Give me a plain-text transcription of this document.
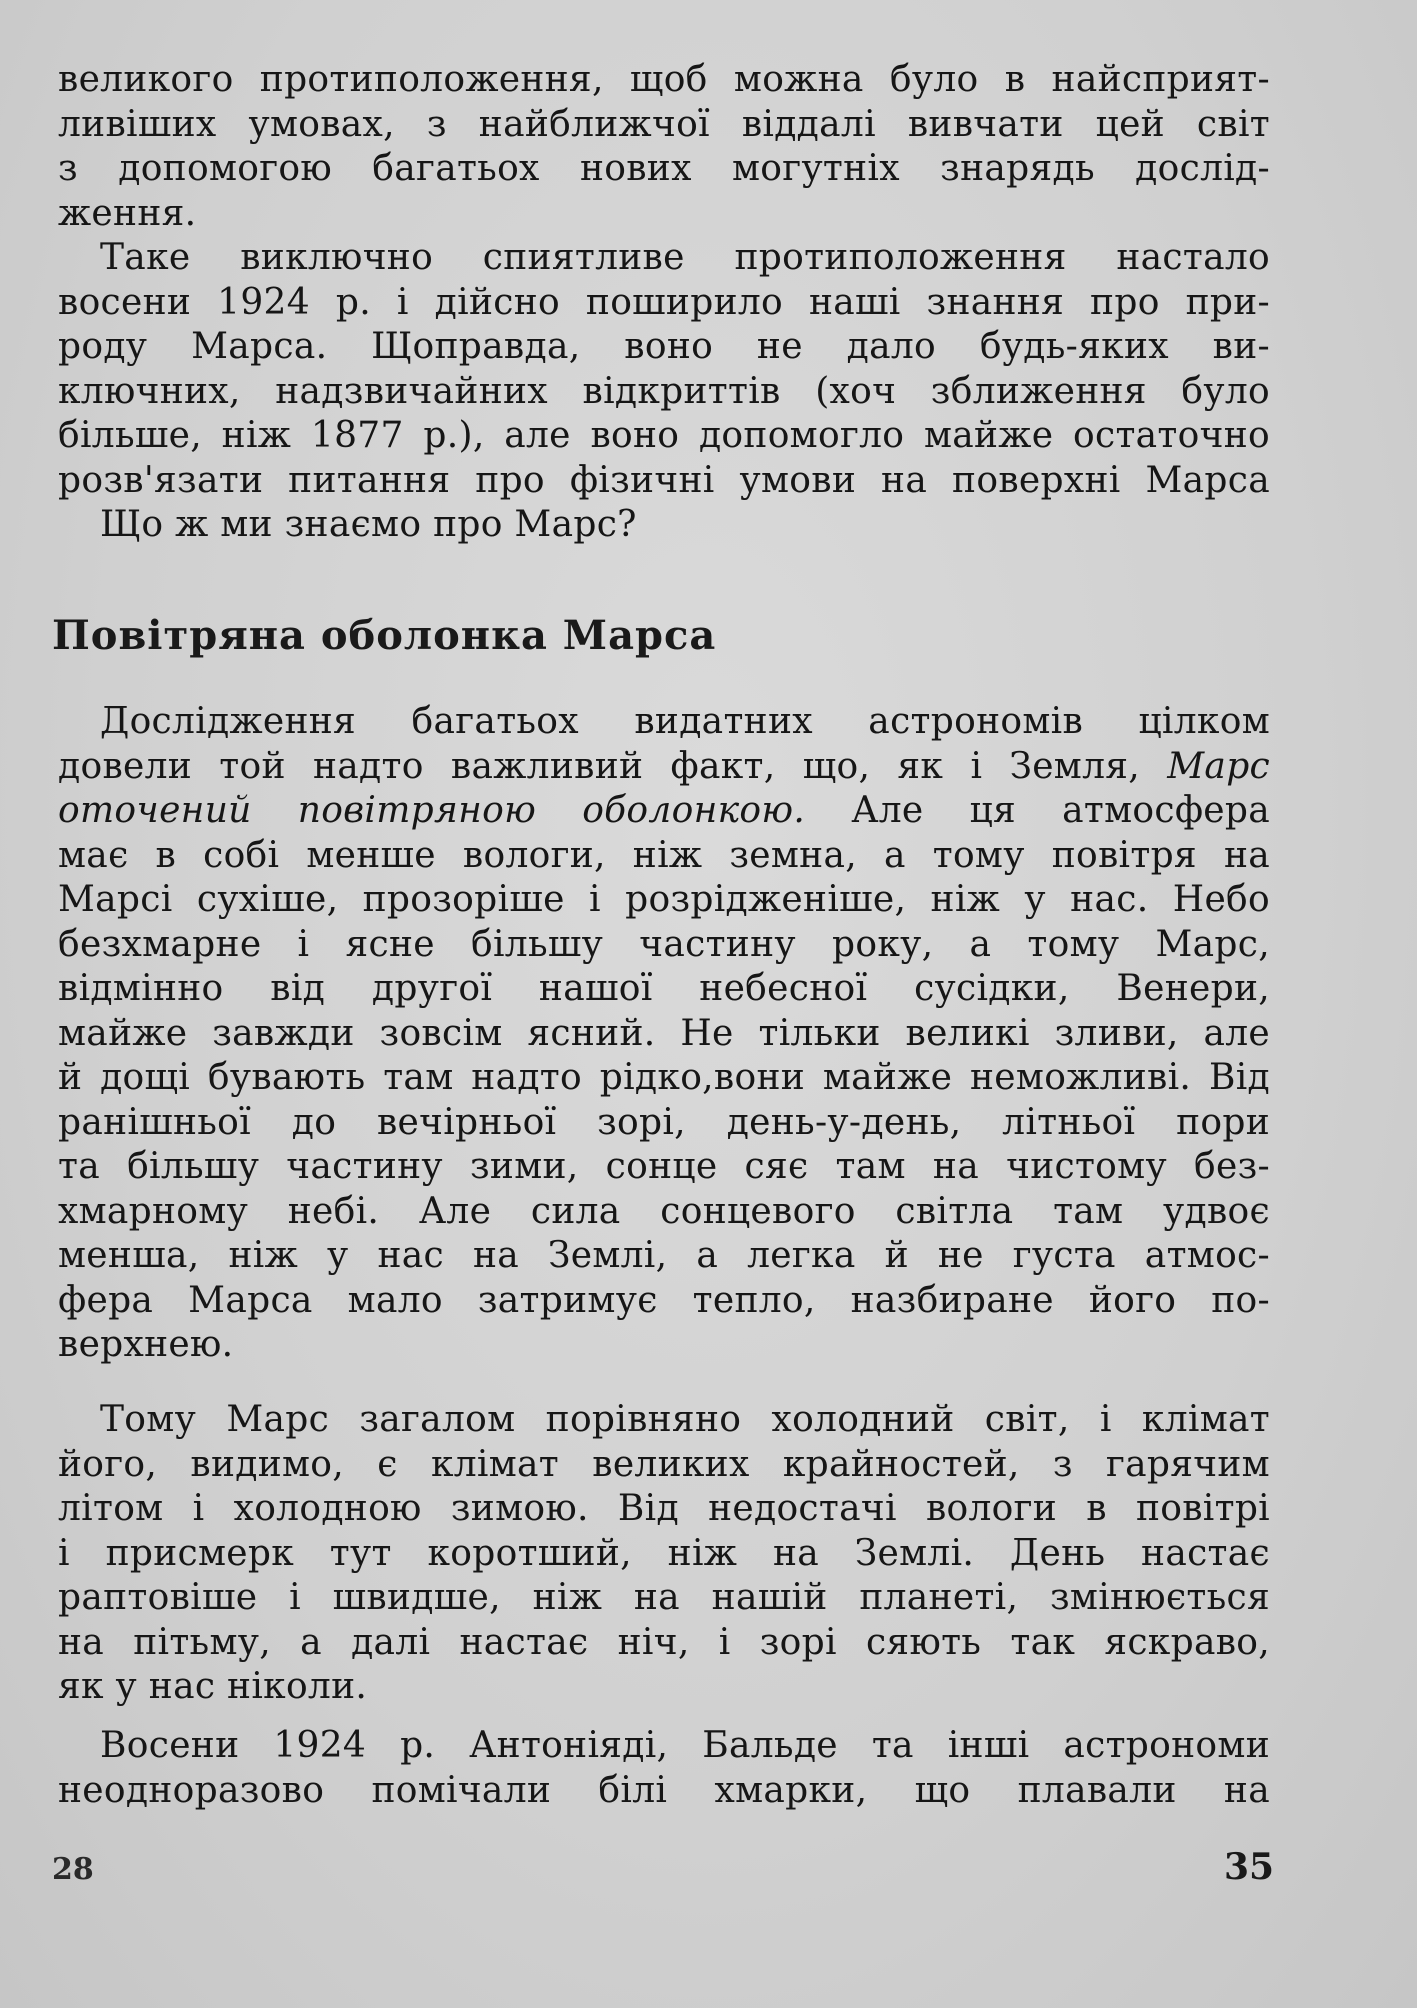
великого протиположення, щоб можна було в найсприят-
ливіших умовах, з найближчої віддалі вивчати цей світ
з допомогою багатьох нових могутніх знарядь дослід-
ження.
Таке виключно спиятливе протиположення настало
восени 1924 р. і дійсно поширило наші знання про при-
роду Марса. Щоправда, воно не дало будь-яких ви-
ключних, надзвичайних відкриттів (хоч зближення було
більше, ніж 1877 р.), але воно допомогло майже остаточно
розв'язати питання про фізичні умови на поверхні Марса
Що ж ми знаємо про Марс?
Повітряна оболонка Марса
Дослідження багатьох видатних астрономів цілком
довели той надто важливий факт, що, як і Земля, Марс
оточений повітряною оболонкою. Але ця атмосфера
має в собі менше вологи, ніж земна, а тому повітря на
Марсі сухіше, прозоріше і розрідженіше, ніж у нас. Небо
безхмарне і ясне більшу частину року, а тому Марс,
відмінно від другої нашої небесної сусідки, Венери,
майже завжди зовсім ясний. Не тільки великі зливи, але
й дощі бувають там надто рідко,вони майже неможливі. Від
ранішньої до вечірньої зорі, день-у-день, літньої пори
та більшу частину зими, сонце сяє там на чистому без-
хмарному небі. Але сила сонцевого світла там удвоє
менша, ніж у нас на Землі, а легка й не густа атмос-
фера Марса мало затримує тепло, назбиране його по-
верхнею.
Тому Марс загалом порівняно холодний світ, і клімат
його, видимо, є клімат великих крайностей, з гарячим
літом і холодною зимою. Від недостачі вологи в повітрі
і присмерк тут коротший, ніж на Землі. День настає
раптовіше і швидше, ніж на нашій планеті, змінюється
на пітьму, а далі настає ніч, і зорі сяють так яскраво,
як у нас ніколи.
Восени 1924 р. Антоніяді, Бальде та інші астрономи
неодноразово помічали білі хмарки, що плавали на
28	35
